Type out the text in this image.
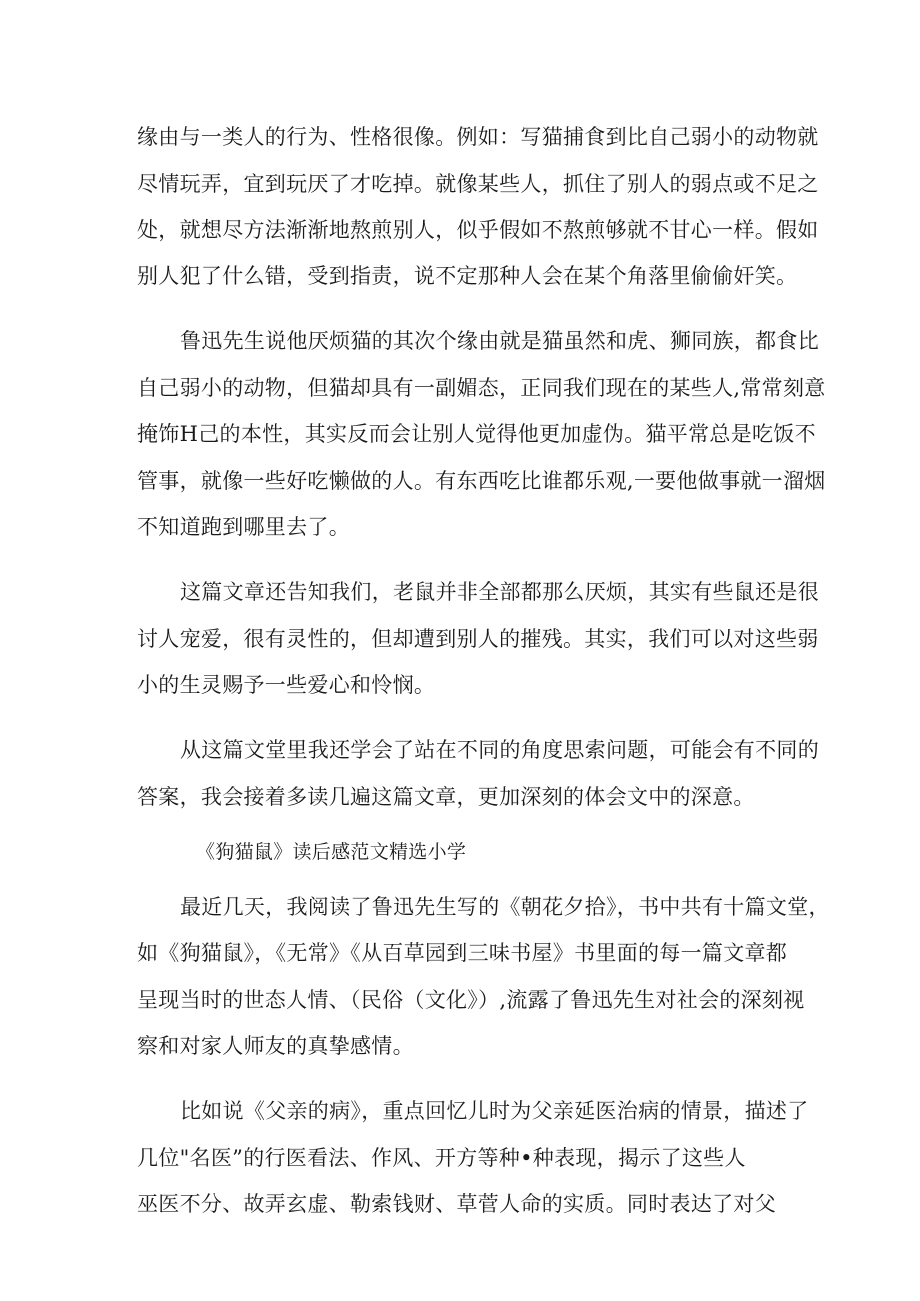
缘由与一类人的行为、性格很像。例如：写猫捕食到比自己弱小的动物就
尽情玩弄，宜到玩厌了才吃掉。就像某些人，抓住了别人的弱点或不足之
处，就想尽方法渐渐地熬煎别人，似乎假如不熬煎够就不甘心一样。假如
别人犯了什么错，受到指责，说不定那种人会在某个角落里偷偷奸笑。
鲁迅先生说他厌烦猫的其次个缘由就是猫虽然和虎、狮同族，都食比
自己弱小的动物，但猫却具有一副媚态，正同我们现在的某些人,常常刻意
掩饰H己的本性，其实反而会让别人觉得他更加虚伪。猫平常总是吃饭不
管事，就像一些好吃懒做的人。有东西吃比谁都乐观,一要他做事就一溜烟
不知道跑到哪里去了。
这篇文章还告知我们，老鼠并非全部都那么厌烦，其实有些鼠还是很
讨人宠爱，很有灵性的，但却遭到别人的摧残。其实，我们可以对这些弱
小的生灵赐予一些爱心和怜悯。
从这篇文堂里我还学会了站在不同的角度思索问题，可能会有不同的
答案，我会接着多读几遍这篇文章，更加深刻的体会文中的深意。
《狗猫鼠》读后感范文精选小学
最近几天，我阅读了鲁迅先生写的《朝花夕拾》，书中共有十篇文堂，
如《狗猫鼠》，《无常》《从百草园到三味书屋》书里面的每一篇文章都
呈现当时的世态人情、（民俗（文化》）,流露了鲁迅先生对社会的深刻视
察和对家人师友的真挚感情。
比如说《父亲的病》，重点回忆儿时为父亲延医治病的情景，描述了
几位"名医”的行医看法、作风、开方等种•种表现，揭示了这些人
巫医不分、故弄玄虚、勒索钱财、草菅人命的实质。同时表达了对父
